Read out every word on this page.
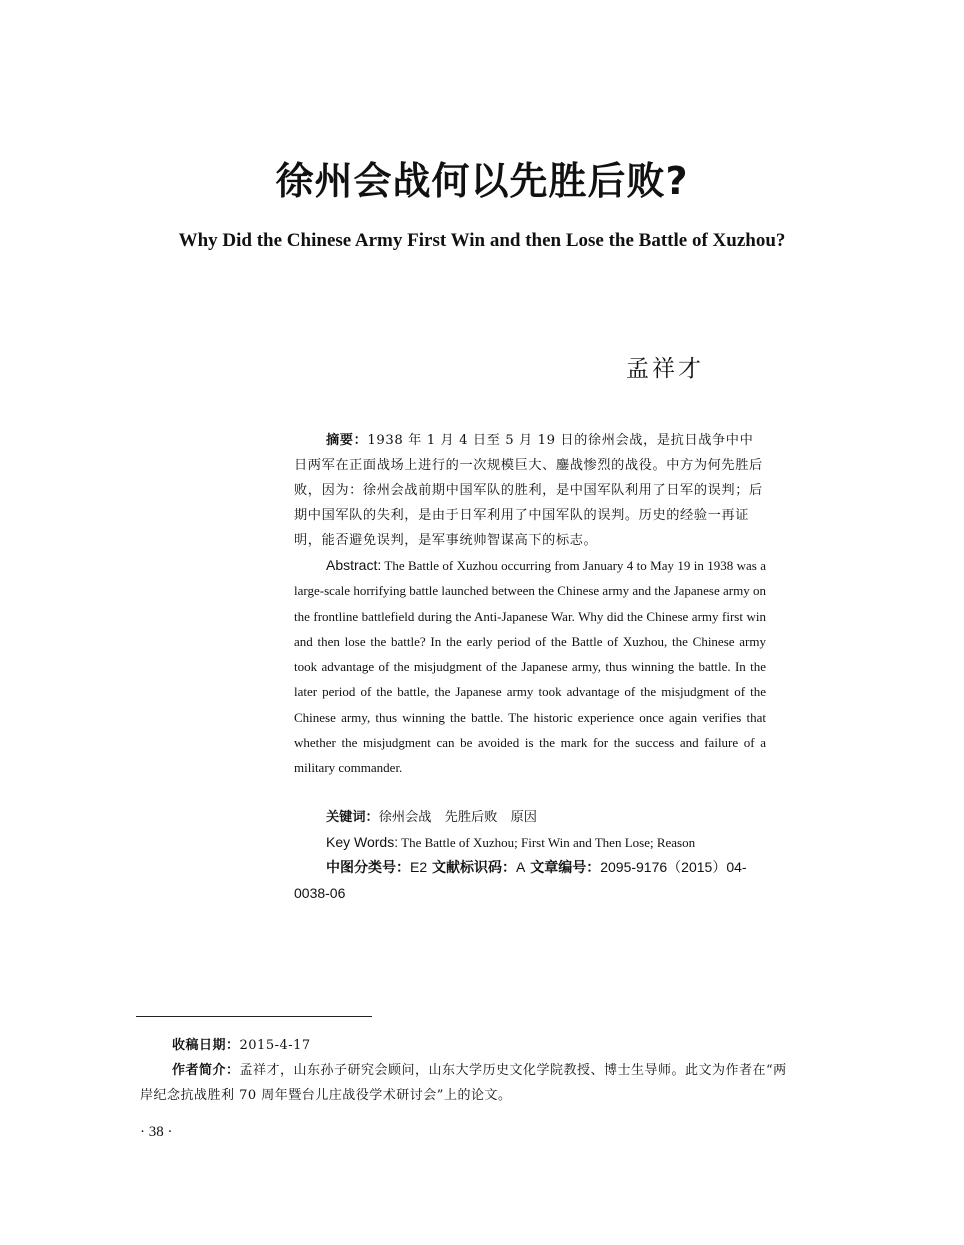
徐州会战何以先胜后败?
Why Did the Chinese Army First Win and then Lose the Battle of Xuzhou?
孟祥才
摘要：1938 年 1 月 4 日至 5 月 19 日的徐州会战，是抗日战争中中日两军在正面战场上进行的一次规模巨大、鏖战惨烈的战役。中方为何先胜后败，因为：徐州会战前期中国军队的胜利，是中国军队利用了日军的误判；后期中国军队的失利，是由于日军利用了中国军队的误判。历史的经验一再证明，能否避免误判，是军事统帅智谋高下的标志。
Abstract: The Battle of Xuzhou occurring from January 4 to May 19 in 1938 was a large-scale horrifying battle launched between the Chinese army and the Japanese army on the frontline battlefield during the Anti-Japanese War. Why did the Chinese army first win and then lose the battle? In the early period of the Battle of Xuzhou, the Chinese army took advantage of the misjudgment of the Japanese army, thus winning the battle. In the later period of the battle, the Japanese army took advantage of the misjudgment of the Chinese army, thus winning the battle. The historic experience once again verifies that whether the misjudgment can be avoided is the mark for the success and failure of a military commander.
关键词：徐州会战　先胜后败　原因
Key Words: The Battle of Xuzhou; First Win and Then Lose; Reason
中图分类号：E2 文献标识码：A 文章编号：2095-9176（2015）04-0038-06
收稿日期：2015-4-17
作者简介：孟祥才，山东孙子研究会顾问，山东大学历史文化学院教授、博士生导师。此文为作者在“两岸纪念抗战胜利 70 周年暨台儿庄战役学术研讨会”上的论文。
· 38 ·
